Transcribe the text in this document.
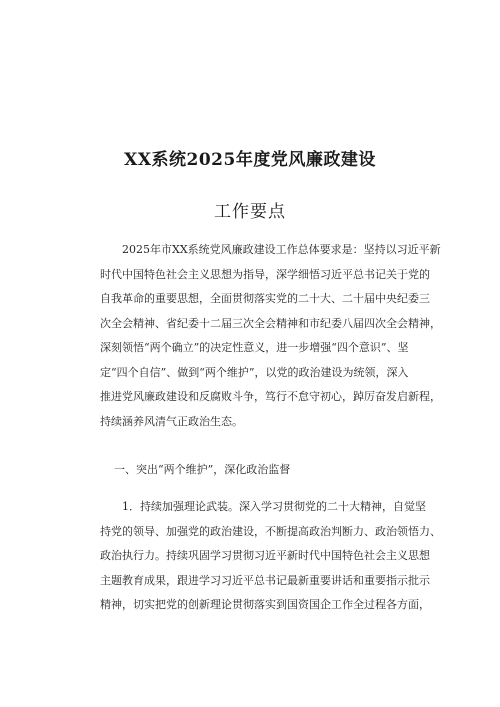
XX系统2025年度党风廉政建设
工作要点
2025年市XX系统党风廉政建设工作总体要求是：坚持以习近平新
时代中国特色社会主义思想为指导，深学细悟习近平总书记关于党的
自我革命的重要思想，全面贯彻落实党的二十大、二十届中央纪委三
次全会精神、省纪委十二届三次全会精神和市纪委八届四次全会精神，
深刻领悟“两个确立”的决定性意义，进一步增强“四个意识”、坚
定“四个自信”、做到“两个维护”，以党的政治建设为统领，深入
推进党风廉政建设和反腐败斗争，笃行不怠守初心，踔厉奋发启新程，
持续涵养风清气正政治生态。
一、突出“两个维护”，深化政治监督
1．持续加强理论武装。深入学习贯彻党的二十大精神，自觉坚
持党的领导、加强党的政治建设，不断提高政治判断力、政治领悟力、
政治执行力。持续巩固学习贯彻习近平新时代中国特色社会主义思想
主题教育成果，跟进学习习近平总书记最新重要讲话和重要指示批示
精神，切实把党的创新理论贯彻落实到国资国企工作全过程各方面，
